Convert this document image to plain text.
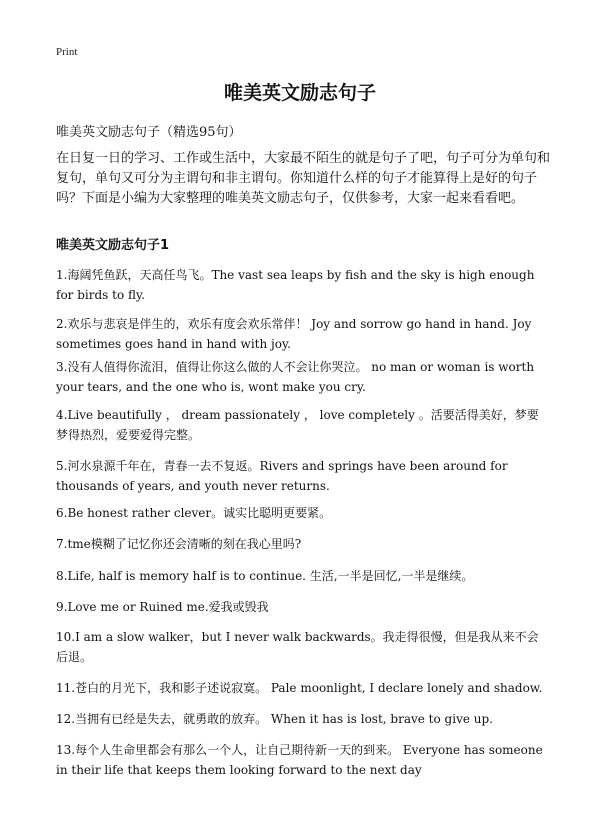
Print
唯美英文励志句子
唯美英文励志句子（精选95句）

在日复一日的学习、工作或生活中，大家最不陌生的就是句子了吧，句子可分为单句和复句，单句又可分为主谓句和非主谓句。你知道什么样的句子才能算得上是好的句子吗？下面是小编为大家整理的唯美英文励志句子，仅供参考，大家一起来看看吧。

唯美英文励志句子1

1.海阔凭鱼跃，天高任鸟飞。The vast sea leaps by fish and the sky is high enough for birds to fly.

2.欢乐与悲哀是伴生的，欢乐有度会欢乐常伴！ Joy and sorrow go hand in hand. Joy sometimes goes hand in hand with joy.

3.没有人值得你流泪，值得让你这么做的人不会让你哭泣。 no man or woman is worth your tears, and the one who is, wont make you cry.

4.Live beautifully ， dream passionately ， love completely 。活要活得美好，梦要梦得热烈，爱要爱得完整。

5.河水泉源千年在，青春一去不复返。Rivers and springs have been around for thousands of years, and youth never returns.

6.Be honest rather clever。诚实比聪明更要紧。

7.tme模糊了记忆你还会清晰的刻在我心里吗?

8.Life, half is memory half is to continue. 生活,一半是回忆,一半是继续。

9.Love me or Ruined me.爱我或毁我

10.I am a slow walker，but I never walk backwards。我走得很慢，但是我从来不会后退。

11.苍白的月光下，我和影子述说寂寞。 Pale moonlight, I declare lonely and shadow.

12.当拥有已经是失去，就勇敢的放弃。 When it has is lost, brave to give up.

13.每个人生命里都会有那么一个人，让自己期待新一天的到来。 Everyone has someone in their life that keeps them looking forward to the next day
